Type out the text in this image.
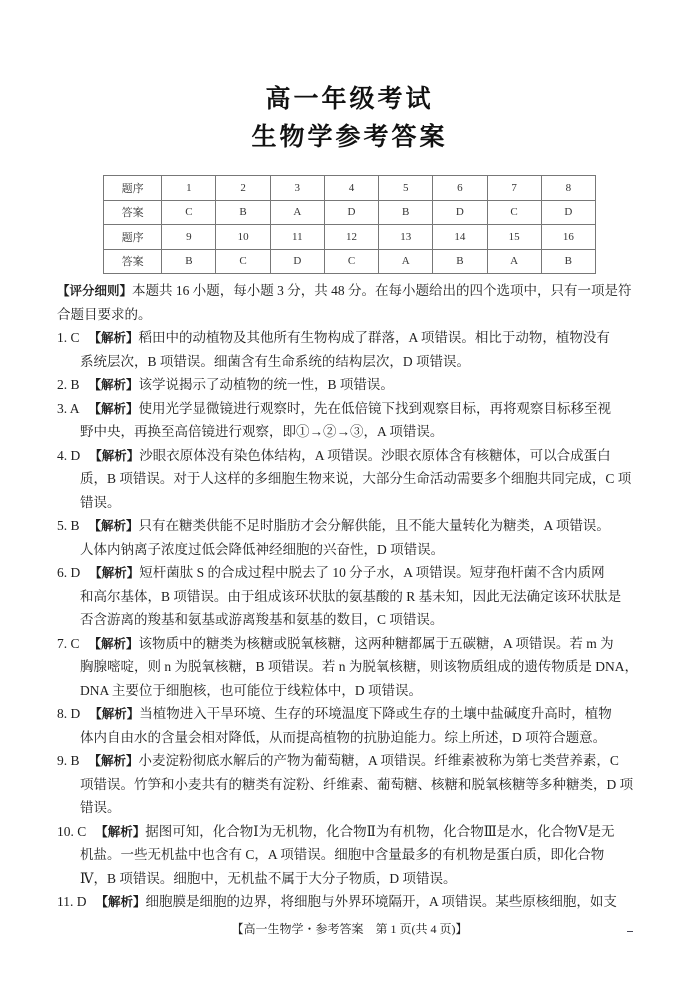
高一年级考试
生物学参考答案
题序	1	2	3	4	5	6	7	8
答案	C	B	A	D	B	D	C	D
题序	9	10	11	12	13	14	15	16
答案	B	C	D	C	A	B	A	B
【评分细则】本题共 16 小题，每小题 3 分，共 48 分。在每小题给出的四个选项中，只有一项是符
合题目要求的。
1. C 【解析】稻田中的动植物及其他所有生物构成了群落，A 项错误。相比于动物，植物没有
系统层次，B 项错误。细菌含有生命系统的结构层次，D 项错误。
2. B 【解析】该学说揭示了动植物的统一性，B 项错误。
3. A 【解析】使用光学显微镜进行观察时，先在低倍镜下找到观察目标，再将观察目标移至视
野中央，再换至高倍镜进行观察，即①→②→③，A 项错误。
4. D 【解析】沙眼衣原体没有染色体结构，A 项错误。沙眼衣原体含有核糖体，可以合成蛋白
质，B 项错误。对于人这样的多细胞生物来说，大部分生命活动需要多个细胞共同完成，C 项
错误。
5. B 【解析】只有在糖类供能不足时脂肪才会分解供能，且不能大量转化为糖类，A 项错误。
人体内钠离子浓度过低会降低神经细胞的兴奋性，D 项错误。
6. D 【解析】短杆菌肽 S 的合成过程中脱去了 10 分子水，A 项错误。短芽孢杆菌不含内质网
和高尔基体，B 项错误。由于组成该环状肽的氨基酸的 R 基未知，因此无法确定该环状肽是
否含游离的羧基和氨基或游离羧基和氨基的数目，C 项错误。
7. C 【解析】该物质中的糖类为核糖或脱氧核糖，这两种糖都属于五碳糖，A 项错误。若 m 为
胸腺嘧啶，则 n 为脱氧核糖，B 项错误。若 n 为脱氧核糖，则该物质组成的遗传物质是 DNA，
DNA 主要位于细胞核，也可能位于线粒体中，D 项错误。
8. D 【解析】当植物进入干旱环境、生存的环境温度下降或生存的土壤中盐碱度升高时，植物
体内自由水的含量会相对降低，从而提高植物的抗胁迫能力。综上所述，D 项符合题意。
9. B 【解析】小麦淀粉彻底水解后的产物为葡萄糖，A 项错误。纤维素被称为第七类营养素，C
项错误。竹笋和小麦共有的糖类有淀粉、纤维素、葡萄糖、核糖和脱氧核糖等多种糖类，D 项
错误。
10. C 【解析】据图可知，化合物Ⅰ为无机物，化合物Ⅱ为有机物，化合物Ⅲ是水，化合物Ⅴ是无
机盐。一些无机盐中也含有 C，A 项错误。细胞中含量最多的有机物是蛋白质，即化合物
Ⅳ，B 项错误。细胞中，无机盐不属于大分子物质，D 项错误。
11. D 【解析】细胞膜是细胞的边界，将细胞与外界环境隔开，A 项错误。某些原核细胞，如支
【高一生物学・参考答案　第 1 页(共 4 页)】
